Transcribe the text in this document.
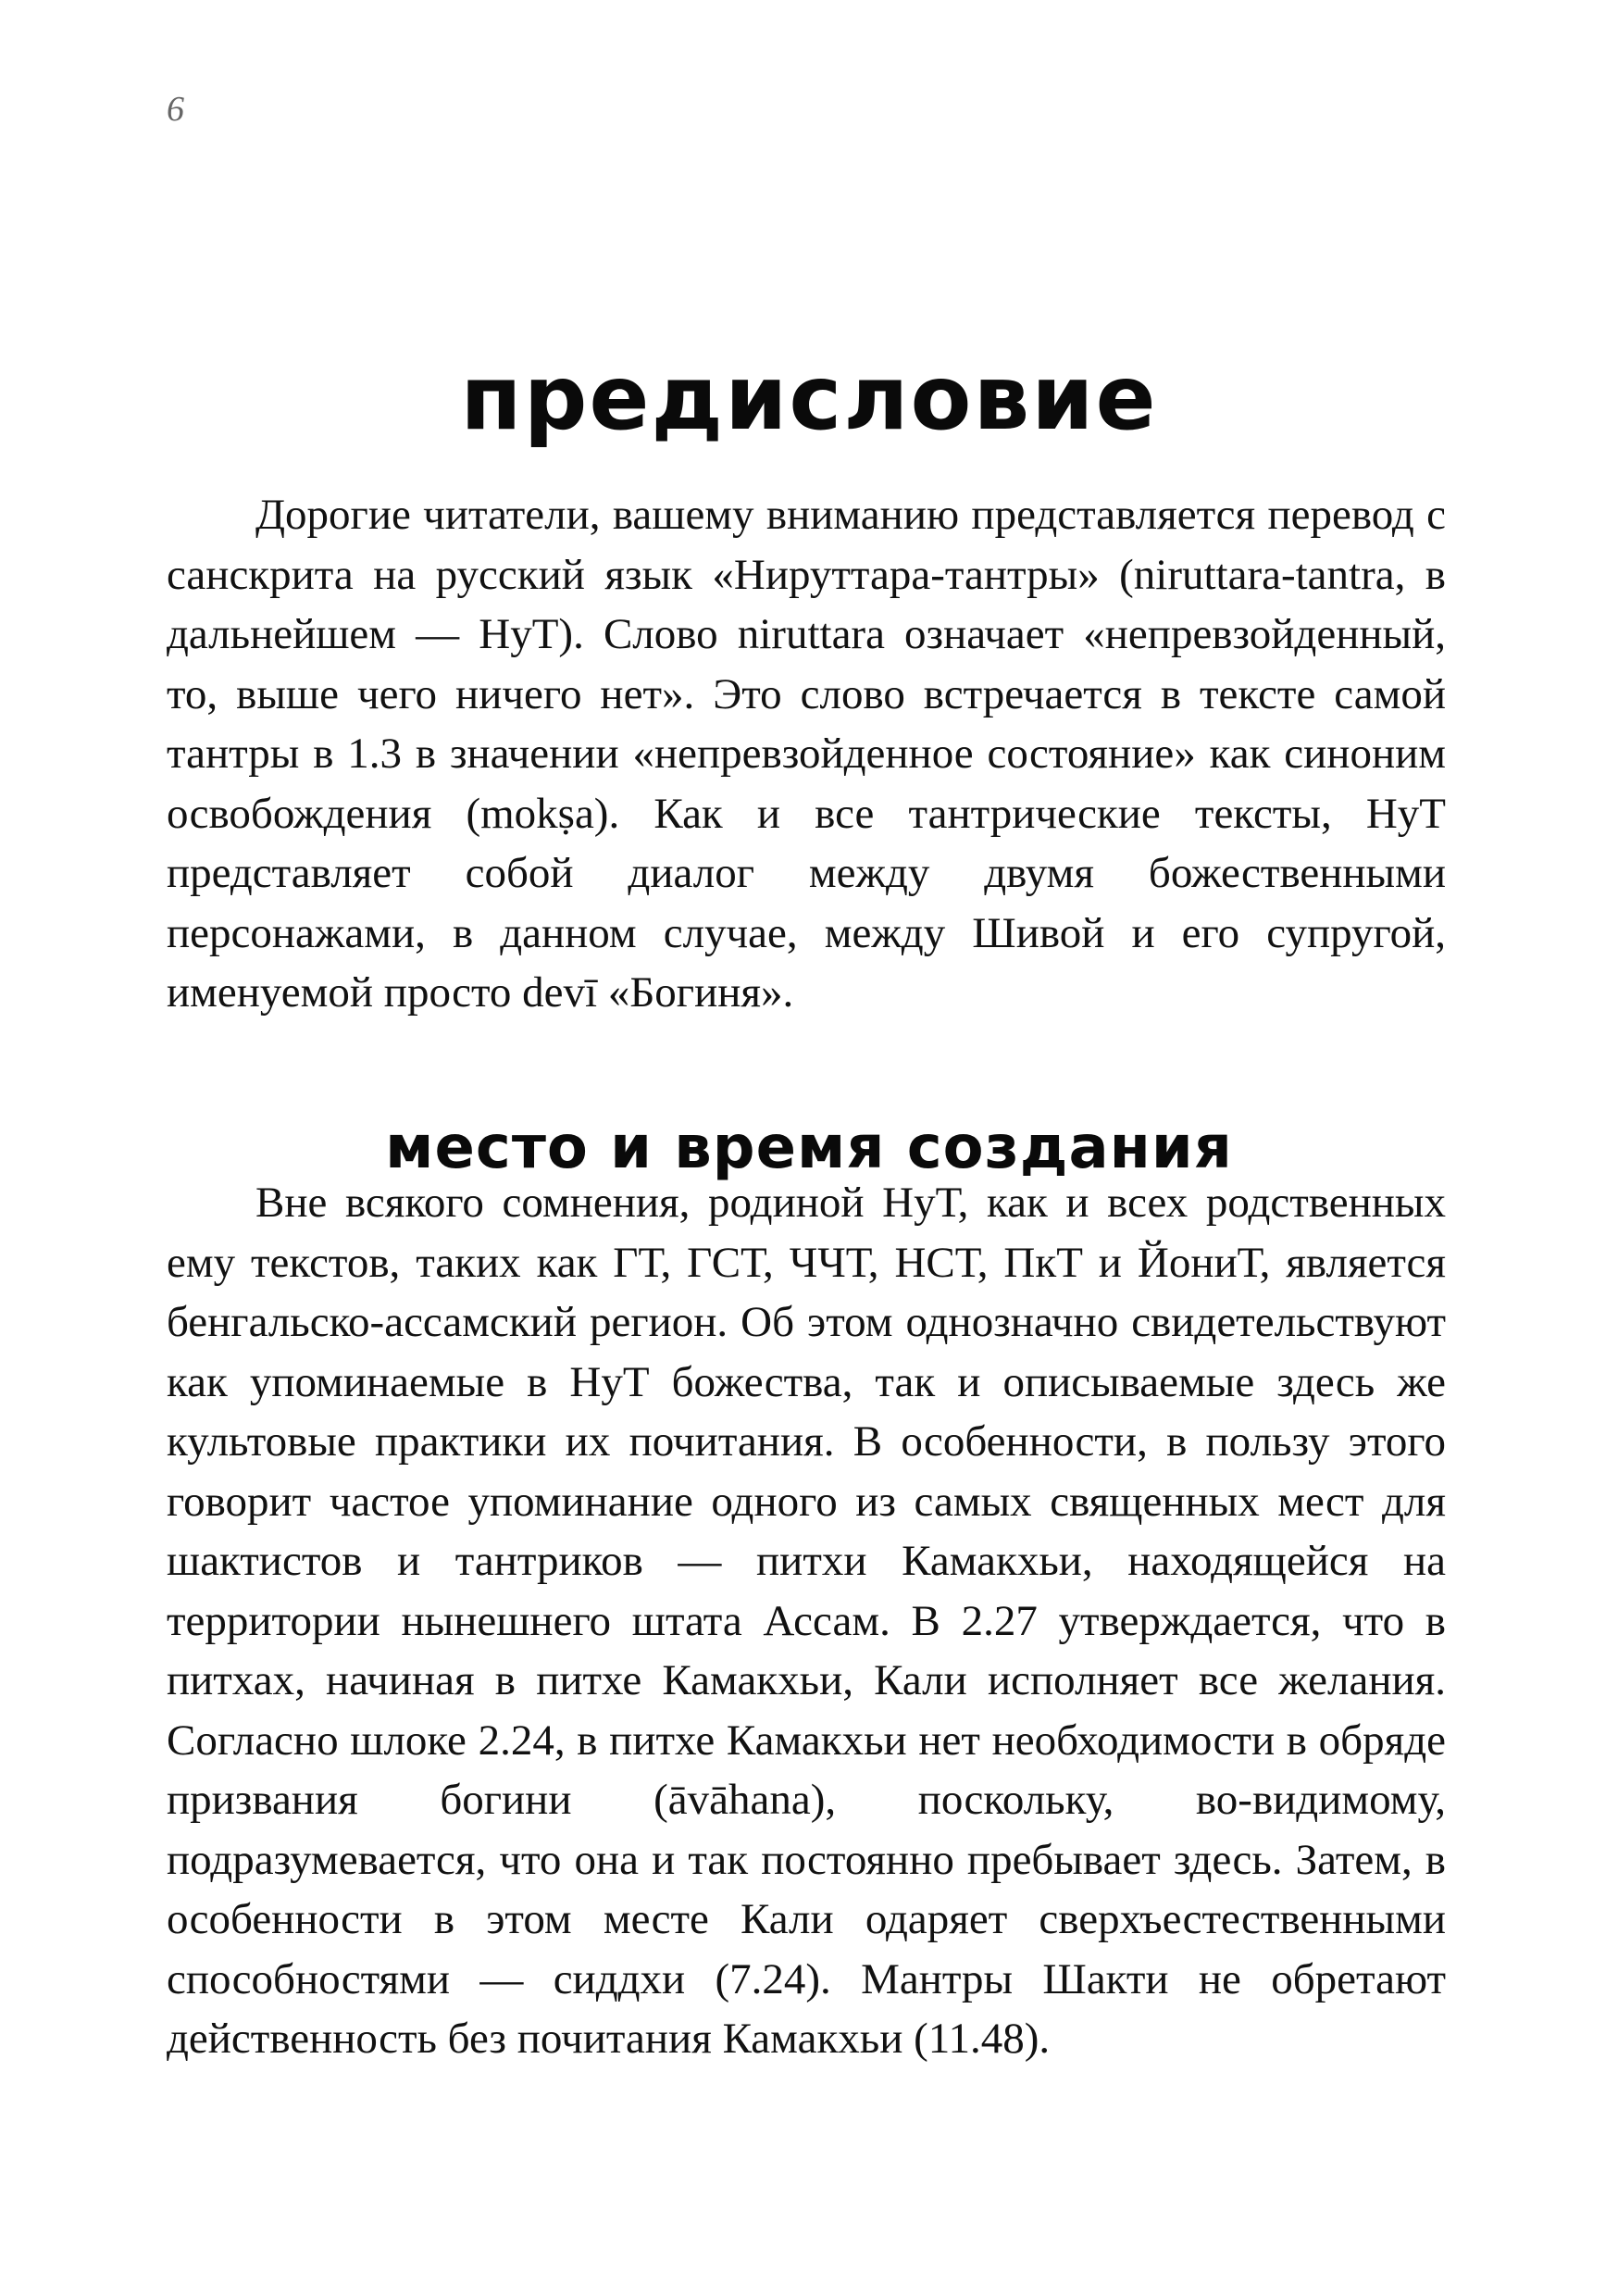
6
предисловие

Дорогие читатели, вашему вниманию представляется перевод с санскрита на русский язык «Нируттара-тантры» (niruttara-tantra, в дальнейшем — НуТ). Слово niruttara означает «непревзойденный, то, выше чего ничего нет». Это слово встречается в тексте самой тантры в 1.3 в значении «непревзойденное состояние» как синоним освобождения (mokṣa). Как и все тантрические тексты, НуТ представляет собой диалог между двумя божественными персонажами, в данном случае, между Шивой и его супругой, именуемой просто devī «Богиня».

место и время создания

Вне всякого сомнения, родиной НуТ, как и всех родственных ему текстов, таких как ГТ, ГСТ, ЧЧТ, НСТ, ПкТ и ЙониТ, является бенгальско-ассамский регион. Об этом однозначно свидетельствуют как упоминаемые в НуТ божества, так и описываемые здесь же культовые практики их почитания. В особенности, в пользу этого говорит частое упоминание одного из самых священных мест для шактистов и тантриков — питхи Камакхьи, находящейся на территории нынешнего штата Ассам. В 2.27 утверждается, что в питхах, начиная в питхе Камакхьи, Кали исполняет все желания. Согласно шлоке 2.24, в питхе Камакхьи нет необходимости в обряде призвания богини (āvāhana), поскольку, во-видимому, подразумевается, что она и так постоянно пребывает здесь. Затем, в особенности в этом месте Кали одаряет сверхъестественными способностями — сиддхи (7.24). Мантры Шакти не обретают действенность без почитания Камакхьи (11.48).
